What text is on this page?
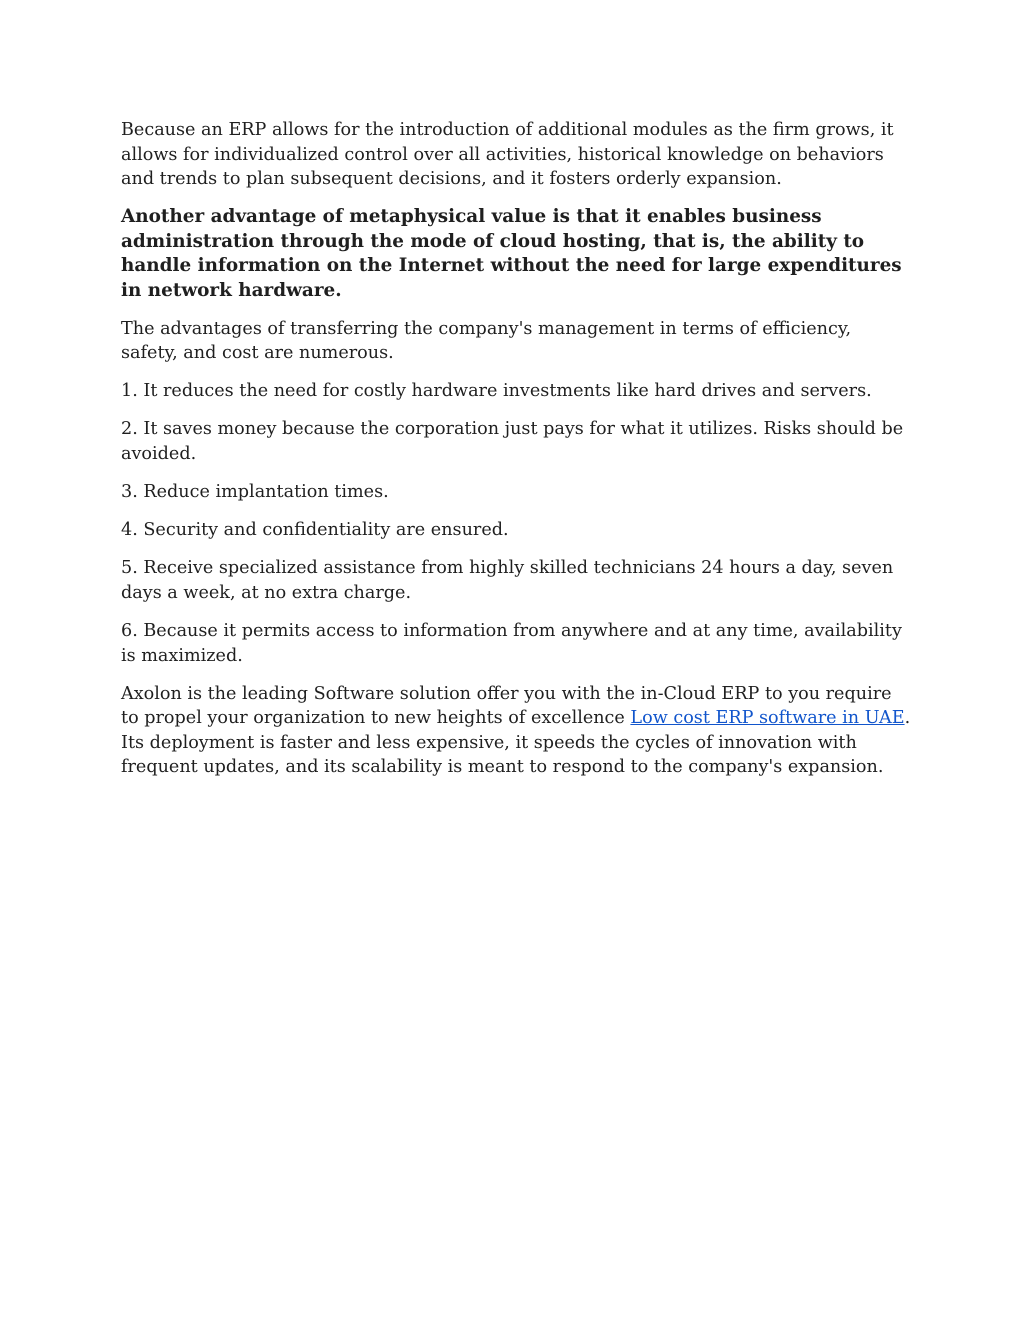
Because an ERP allows for the introduction of additional modules as the firm grows, it allows for individualized control over all activities, historical knowledge on behaviors and trends to plan subsequent decisions, and it fosters orderly expansion.

Another advantage of metaphysical value is that it enables business administration through the mode of cloud hosting, that is, the ability to handle information on the Internet without the need for large expenditures in network hardware.

The advantages of transferring the company's management in terms of efficiency, safety, and cost are numerous.

1. It reduces the need for costly hardware investments like hard drives and servers.

2. It saves money because the corporation just pays for what it utilizes. Risks should be avoided.

3. Reduce implantation times.

4. Security and confidentiality are ensured.

5. Receive specialized assistance from highly skilled technicians 24 hours a day, seven days a week, at no extra charge.

6. Because it permits access to information from anywhere and at any time, availability is maximized.

Axolon is the leading Software solution offer you with the in-Cloud ERP to you require to propel your organization to new heights of excellence Low cost ERP software in UAE. Its deployment is faster and less expensive, it speeds the cycles of innovation with frequent updates, and its scalability is meant to respond to the company's expansion.
